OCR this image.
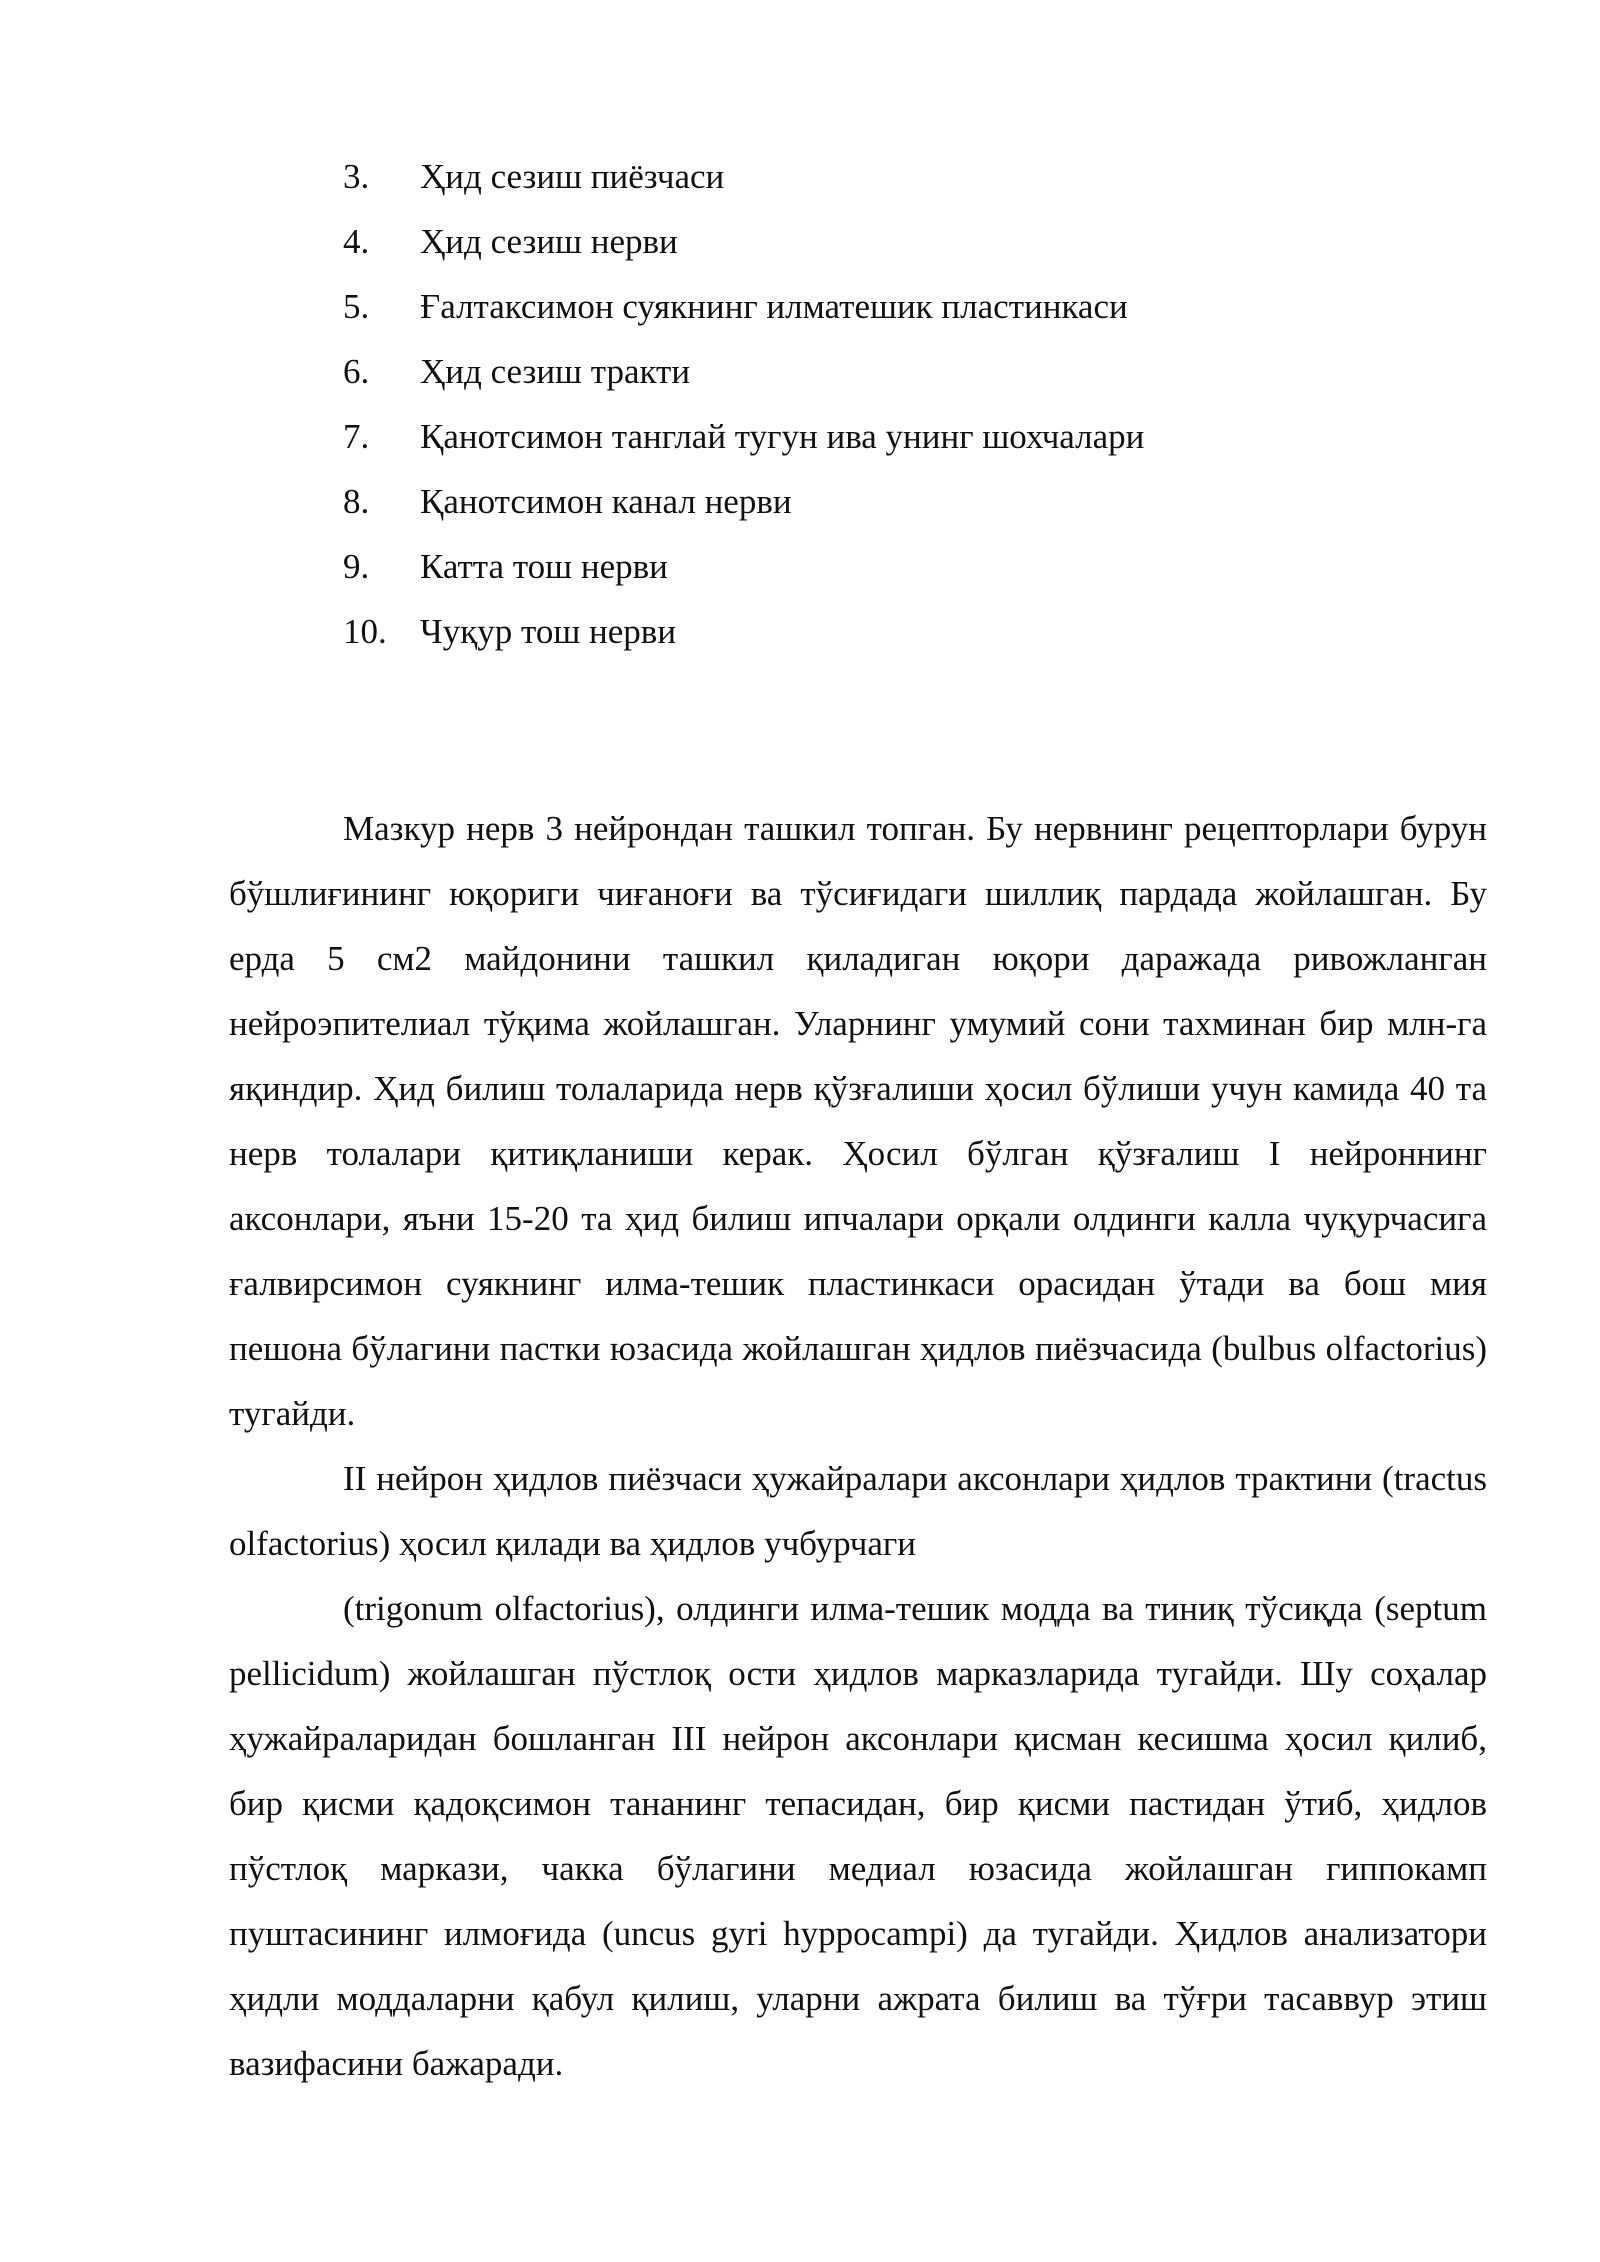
3.	Ҳид сезиш пиёзчаси
4.	Ҳид сезиш нерви
5.	Ғалтаксимон суякнинг илматешик пластинкаси
6.	Ҳид сезиш тракти
7.	Қанотсимон танглай тугун ива унинг шохчалари
8.	Қанотсимон канал нерви
9.	Катта тош нерви
10. Чуқур тош нерви

Мазкур нерв 3 нейрондан ташкил топган. Бу нервнинг рецепторлари бурун бўшлиғининг юқориги чиғаноғи ва тўсиғидаги шиллиқ пардада жойлашган. Бу ерда 5 см2 майдонини ташкил қиладиган юқори даражада ривожланган нейроэпителиал тўқима жойлашган. Уларнинг умумий сони тахминан бир млн-га яқиндир. Ҳид билиш толаларида нерв қўзғалиши ҳосил бўлиши учун камида 40 та нерв толалари қитиқланиши керак. Ҳосил бўлган қўзғалиш I нейроннинг аксонлари, яъни 15-20 та ҳид билиш ипчалари орқали олдинги калла чуқурчасига ғалвирсимон суякнинг илма-тешик пластинкаси орасидан ўтади ва бош мия пешона бўлагини пастки юзасида жойлашган ҳидлов пиёзчасида (bulbus olfactorius) тугайди.

II нейрон ҳидлов пиёзчаси ҳужайралари аксонлари ҳидлов трактини (tractus olfactorius) ҳосил қилади ва ҳидлов учбурчаги

(trigonum olfactorius), олдинги илма-тешик модда ва тиниқ тўсиқда (septum pellicidum) жойлашган пўстлоқ ости ҳидлов марказларида тугайди. Шу соҳалар ҳужайраларидан бошланган III нейрон аксонлари қисман кесишма ҳосил қилиб, бир қисми қадоқсимон тананинг тепасидан, бир қисми пастидан ўтиб, ҳидлов пўстлоқ маркази, чакка бўлагини медиал юзасида жойлашган гиппокамп пуштасининг илмоғида (uncus gyri hyppocampi) да тугайди. Ҳидлов анализатори ҳидли моддаларни қабул қилиш, уларни ажрата билиш ва тўғри тасаввур этиш вазифасини бажаради.
